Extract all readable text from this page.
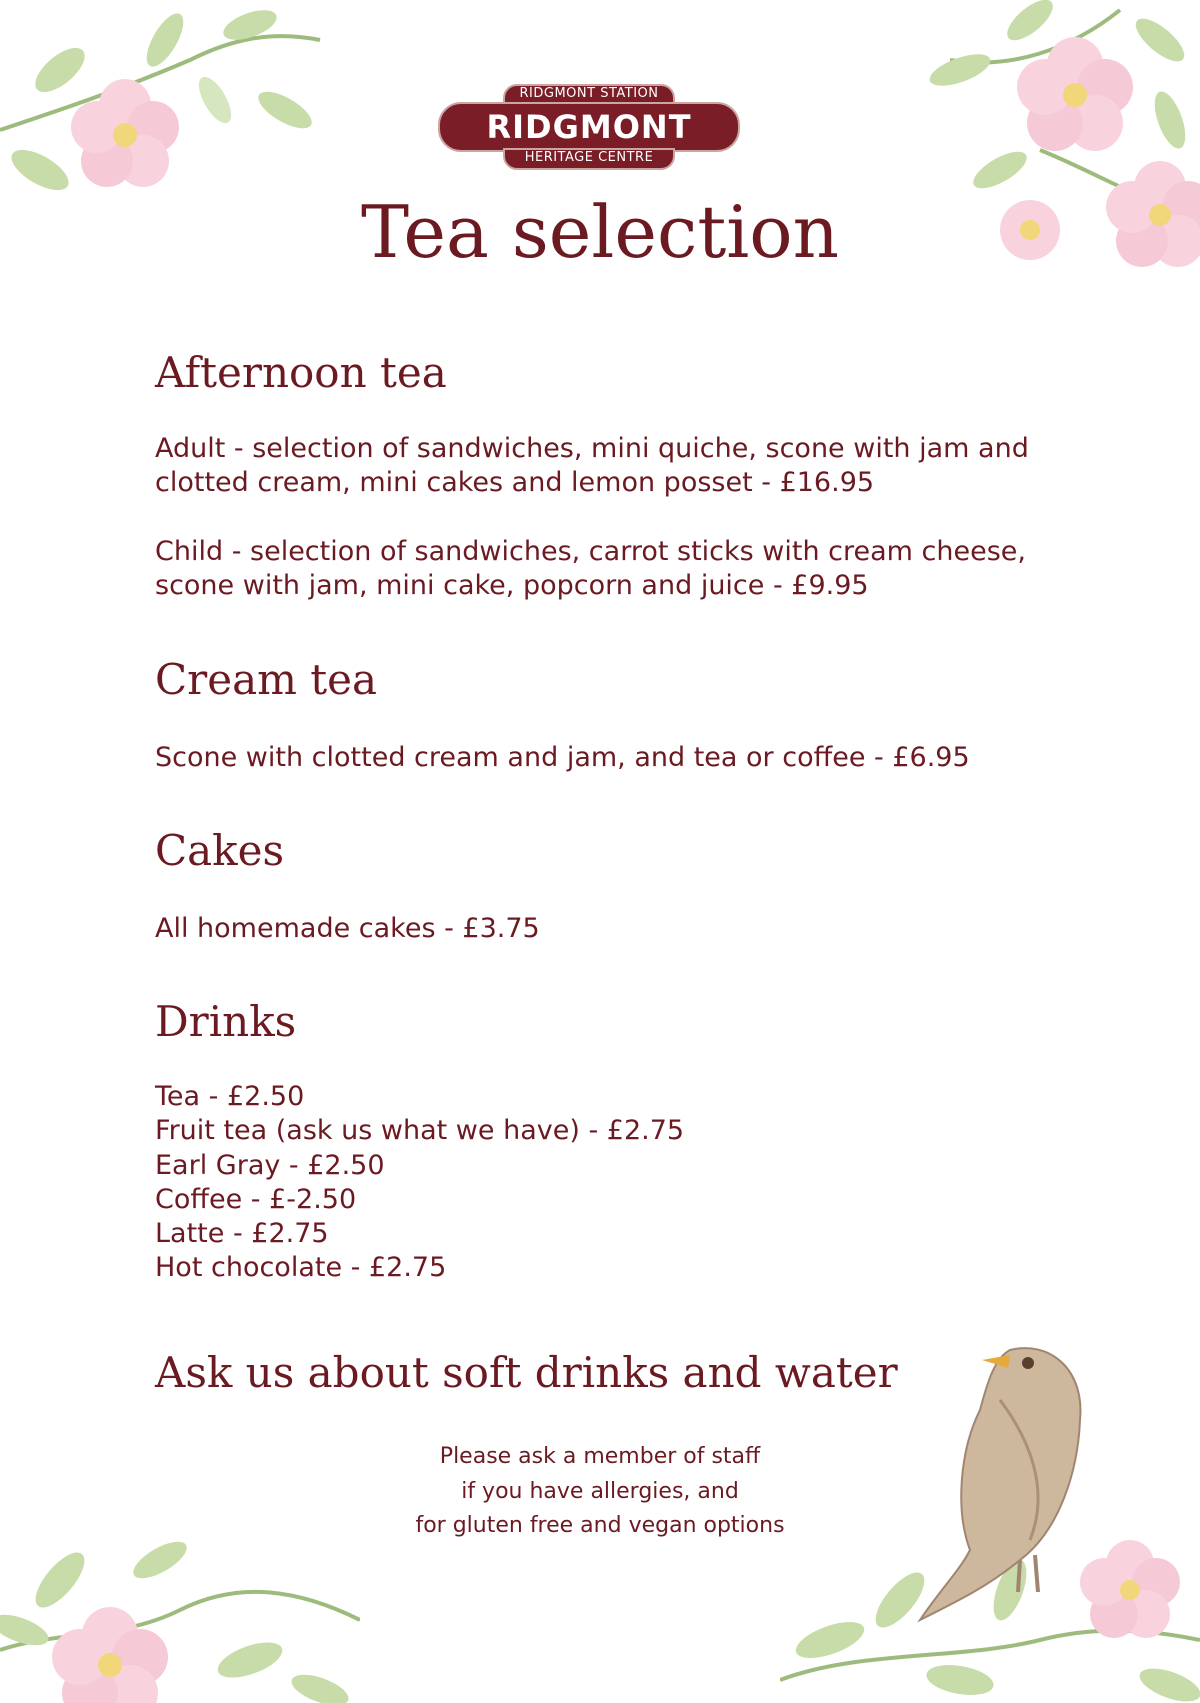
RIDGMONT STATION
RIDGMONT
HERITAGE CENTRE
Tea selection
Afternoon tea

Adult - selection of sandwiches, mini quiche, scone with jam and clotted cream, mini cakes and lemon posset - £16.95

Child - selection of sandwiches, carrot sticks with cream cheese, scone with jam, mini cake, popcorn and juice - £9.95

Cream tea

Scone with clotted cream and jam, and tea or coffee - £6.95

Cakes

All homemade cakes - £3.75

Drinks
Tea - £2.50
Fruit tea (ask us what we have) - £2.75
Earl Gray - £2.50
Coffee - £-2.50
Latte - £2.75
Hot chocolate - £2.75
Ask us about soft drinks and water

Please ask a member of staff
if you have allergies, and
for gluten free and vegan options
